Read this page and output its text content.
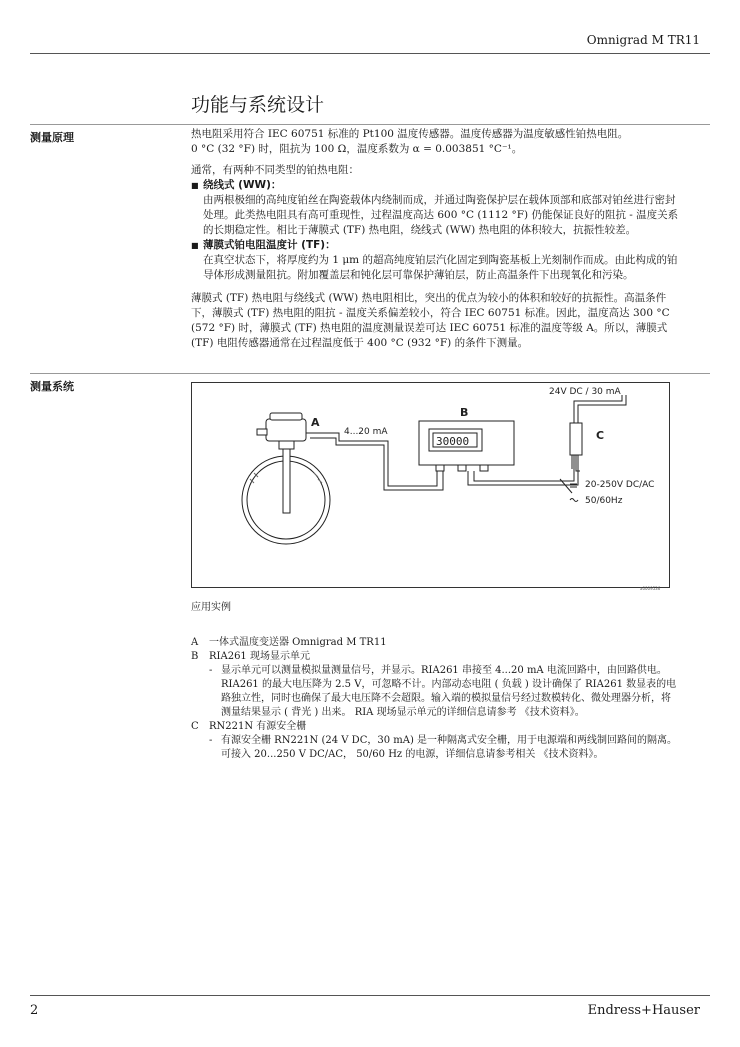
Omnigrad M TR11
功能与系统设计
测量原理	热电阻采用符合 IEC 60751 标准的 Pt100 温度传感器。温度传感器为温度敏感性铂热电阻。

0 °C (32 °F) 时，阻抗为 100 Ω，温度系数为 α = 0.003851 °C⁻¹。

通常，有两种不同类型的铂热电阻：

■ 绕线式 (WW)：

由两根极细的高纯度铂丝在陶瓷载体内绕制而成，并通过陶瓷保护层在载体顶部和底部对铂丝进行密封处理。此类热电阻具有高可重现性，过程温度高达 600 °C (1112 °F) 仍能保证良好的阻抗 - 温度关系的长期稳定性。相比于薄膜式 (TF) 热电阻，绕线式 (WW) 热电阻的体积较大，抗振性较差。

■ 薄膜式铂电阻温度计 (TF)：

在真空状态下，将厚度约为 1 μm 的超高纯度铂层汽化固定到陶瓷基板上光刻制作而成。由此构成的铂导体形成测量阻抗。附加覆盖层和钝化层可靠保护薄铂层，防止高温条件下出现氧化和污染。

薄膜式 (TF) 热电阻与绕线式 (WW) 热电阻相比，突出的优点为较小的体积和较好的抗振性。高温条件下，薄膜式 (TF) 热电阻的阻抗 - 温度关系偏差较小，符合 IEC 60751 标准。因此，温度高达 300 °C (572 °F) 时，薄膜式 (TF) 热电阻的温度测量误差可达 IEC 60751 标准的温度等级 A。所以，薄膜式 (TF) 电阻传感器通常在过程温度低于 400 °C (932 °F) 的条件下测量。

测量系统
A
B
C
4...20 mA
24V DC / 30 mA
20-250V DC/AC
50/60Hz
30000
a0009536
应用实例
A 一体式温度变送器 Omnigrad M TR11
B RIA261 现场显示单元
- 显示单元可以测量模拟量测量信号，并显示。RIA261 串接至 4...20 mA 电流回路中，由回路供电。RIA261 的最大电压降为 2.5 V，可忽略不计。内部动态电阻 ( 负载 ) 设计确保了 RIA261 数显表的电路独立性，同时也确保了最大电压降不会超限。输入端的模拟量信号经过数模转化、微处理器分析，将测量结果显示 ( 背光 ) 出来。 RIA 现场显示单元的详细信息请参考 《技术资料》。
C RN221N 有源安全栅
- 有源安全栅 RN221N (24 V DC，30 mA) 是一种隔离式安全栅，用于电源端和两线制回路间的隔离。可接入 20...250 V DC/AC， 50/60 Hz 的电源，详细信息请参考相关 《技术资料》。
2	Endress+Hauser
